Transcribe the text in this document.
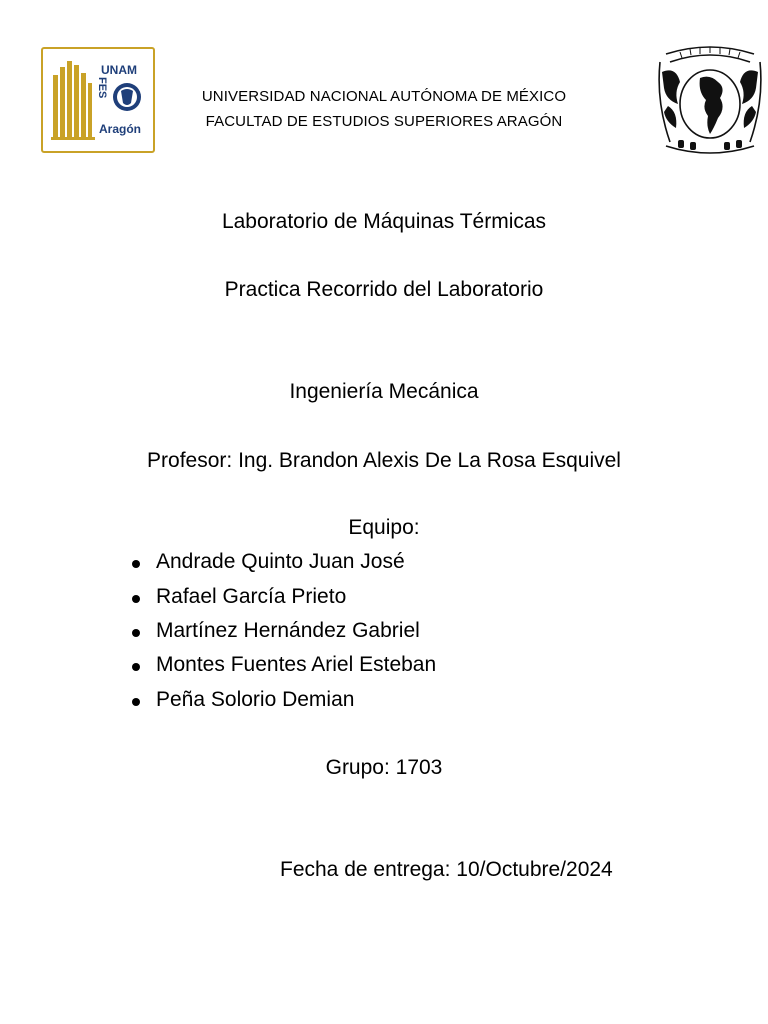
FES
UNAM
Aragón
UNIVERSIDAD NACIONAL AUTÓNOMA DE MÉXICO
FACULTAD DE ESTUDIOS SUPERIORES ARAGÓN
Laboratorio de Máquinas Térmicas
Practica Recorrido del Laboratorio
Ingeniería Mecánica
Profesor: Ing. Brandon Alexis De La Rosa Esquivel
Equipo:
Andrade Quinto Juan José
Rafael García Prieto
Martínez Hernández Gabriel
Montes Fuentes Ariel Esteban
Peña Solorio Demian
Grupo: 1703
Fecha de entrega: 10/Octubre/2024
